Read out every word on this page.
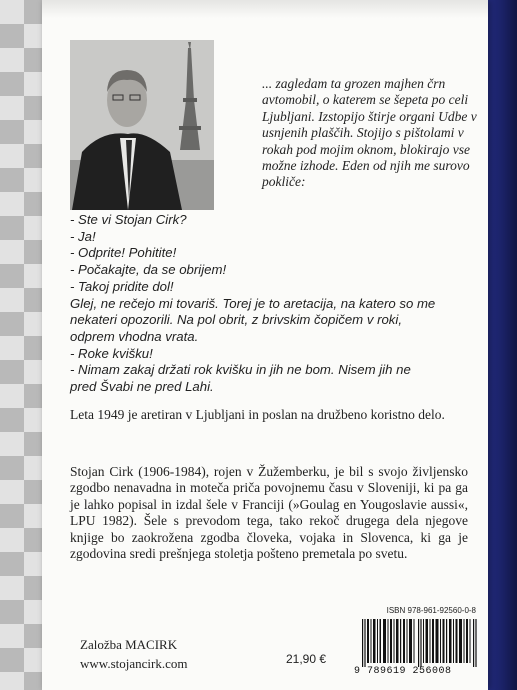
... zagledam ta grozen majhen črn avtomobil, o katerem se šepeta po celi Ljubljani. Izstopijo štirje organi Udbe v usnjenih plaščih. Stojijo s pištolami v rokah pod mojim oknom, blokirajo vse možne izhode. Eden od njih me surovo pokliče:

- Ste vi Stojan Cirk?
- Ja!
- Odprite! Pohitite!
- Počakajte, da se obrijem!
- Takoj pridite dol!
Glej, ne rečejo mi tovariš. Torej je to aretacija, na katero so me
nekateri opozorili. Na pol obrit, z brivskim čopičem v roki,
odprem vhodna vrata.
- Roke kvišku!
- Nimam zakaj držati rok kvišku in jih ne bom. Nisem jih ne
pred Švabi ne pred Lahi.
Leta 1949 je aretiran v Ljubljani in poslan na družbeno koristno delo.
Stojan Cirk (1906-1984), rojen v Žužemberku, je bil s svojo življensko zgodbo nenavadna in moteča priča povojnemu času v Sloveniji, ki pa ga je lahko popisal in izdal šele v Franciji (»Goulag en Yougoslavie aussi«, LPU 1982). Šele s prevodom tega, tako rekoč drugega dela njegove knjige bo zaokrožena zgodba človeka, vojaka in Slovenca, ki ga je zgodovina sredi prešnjega stoletja pošteno premetala po svetu.
Založba MACIRK
www.stojancirk.com	21,90 €
ISBN 978-961-92560-0-8
9 789619 256008
